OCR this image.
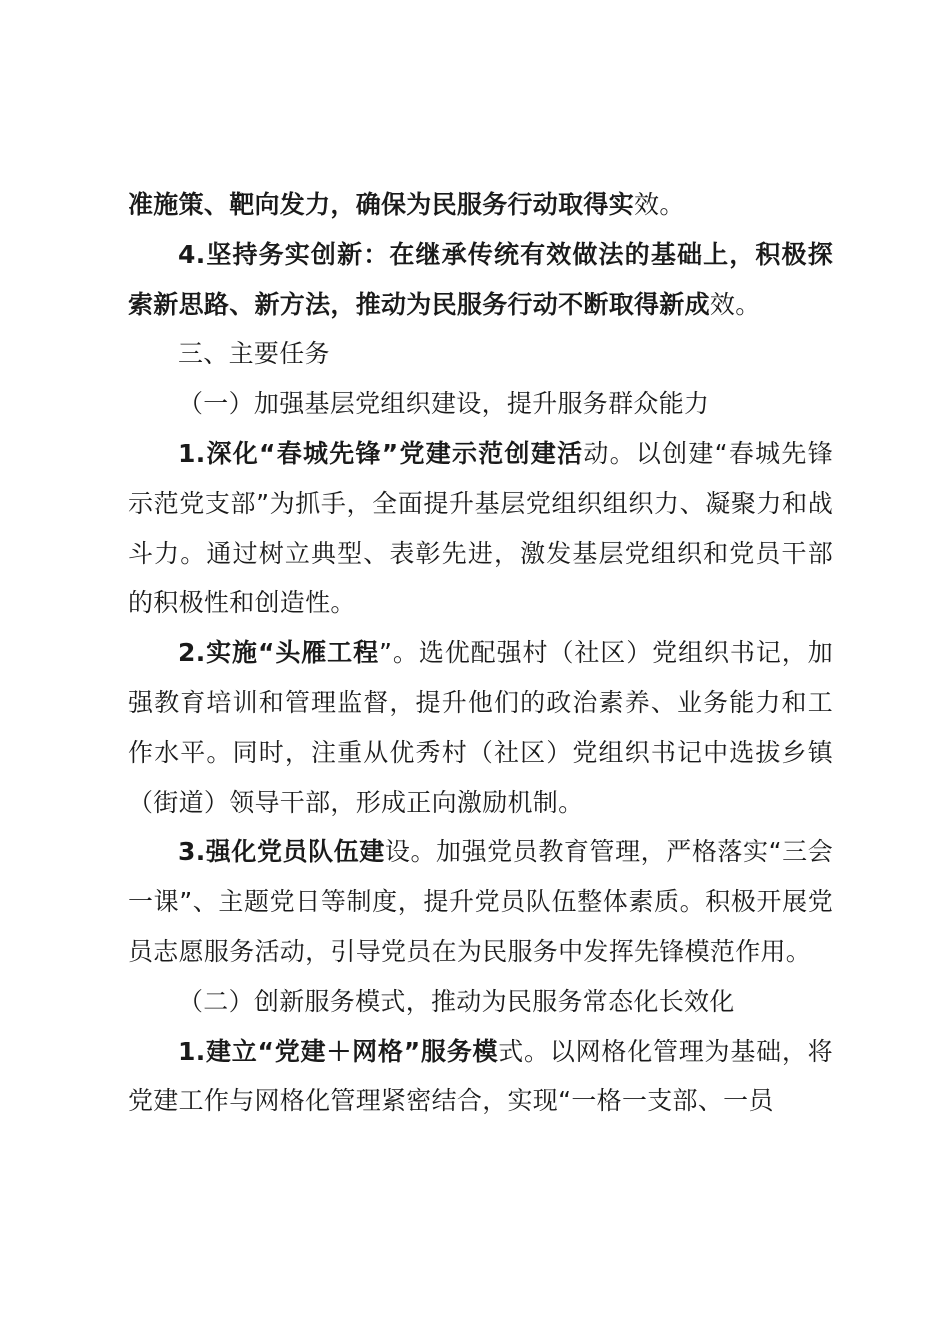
准施策、靶向发力，确保为民服务行动取得实效。

4.坚持务实创新：在继承传统有效做法的基础上，积极探索新思路、新方法，推动为民服务行动不断取得新成效。

三、主要任务

（一）加强基层党组织建设，提升服务群众能力

1.深化“春城先锋”党建示范创建活动。以创建“春城先锋示范党支部”为抓手，全面提升基层党组织组织力、凝聚力和战斗力。通过树立典型、表彰先进，激发基层党组织和党员干部的积极性和创造性。

2.实施“头雁工程”。选优配强村（社区）党组织书记，加强教育培训和管理监督，提升他们的政治素养、业务能力和工作水平。同时，注重从优秀村（社区）党组织书记中选拔乡镇（街道）领导干部，形成正向激励机制。

3.强化党员队伍建设。加强党员教育管理，严格落实“三会一课”、主题党日等制度，提升党员队伍整体素质。积极开展党员志愿服务活动，引导党员在为民服务中发挥先锋模范作用。

（二）创新服务模式，推动为民服务常态化长效化

1.建立“党建＋网格”服务模式。以网格化管理为基础，将党建工作与网格化管理紧密结合，实现“一格一支部、一员
